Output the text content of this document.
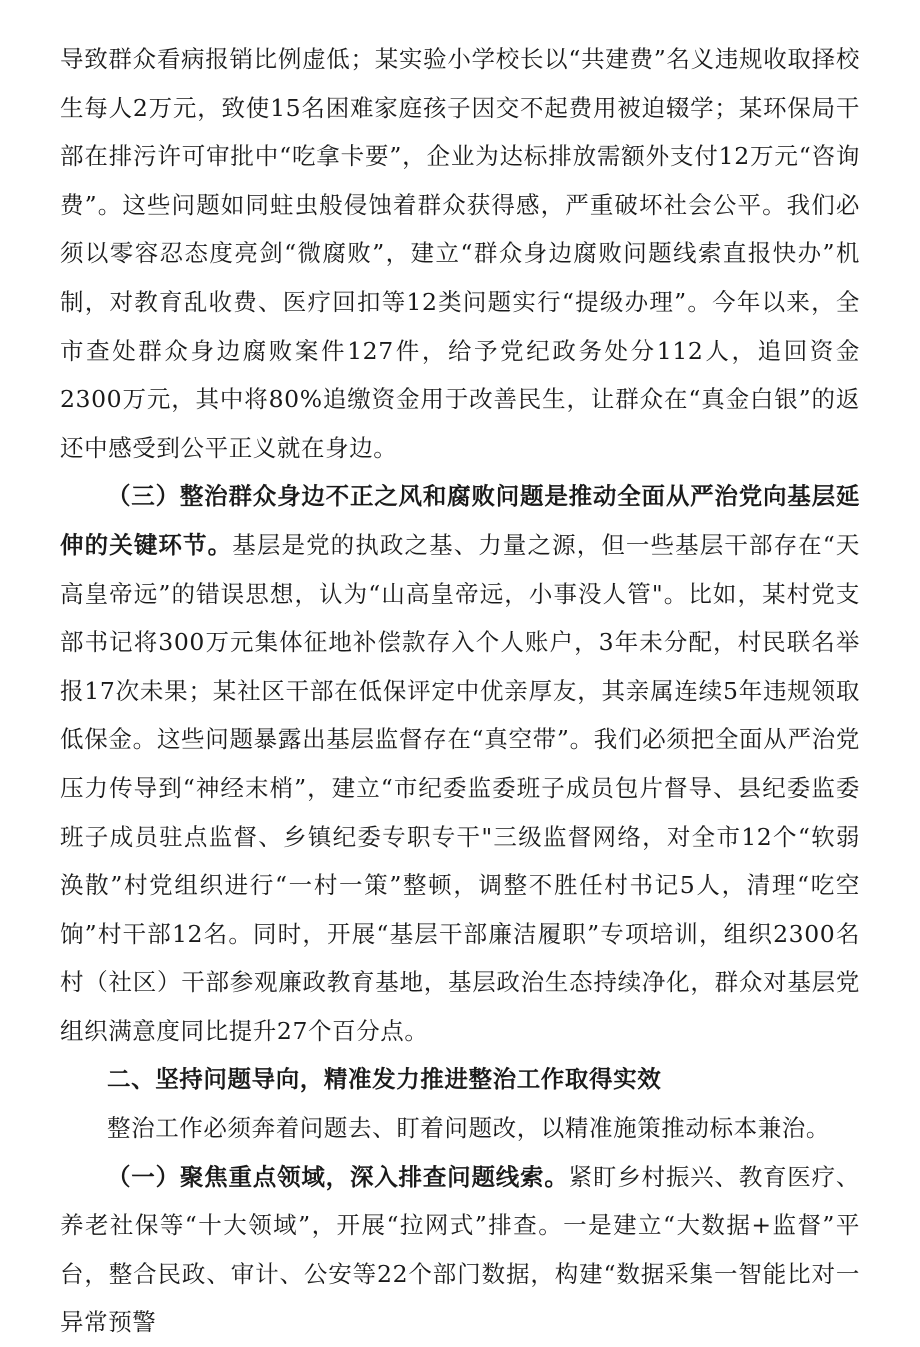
导致群众看病报销比例虚低；某实验小学校长以“共建费”名义违规收取择校生每人2万元，致使15名困难家庭孩子因交不起费用被迫辍学；某环保局干部在排污许可审批中“吃拿卡要”，企业为达标排放需额外支付12万元“咨询费”。这些问题如同蛀虫般侵蚀着群众获得感，严重破坏社会公平。我们必须以零容忍态度亮剑“微腐败”，建立“群众身边腐败问题线索直报快办”机制，对教育乱收费、医疗回扣等12类问题实行“提级办理”。今年以来，全市查处群众身边腐败案件127件，给予党纪政务处分112人，追回资金2300万元，其中将80%追缴资金用于改善民生，让群众在“真金白银”的返还中感受到公平正义就在身边。

（三）整治群众身边不正之风和腐败问题是推动全面从严治党向基层延伸的关键环节。基层是党的执政之基、力量之源，但一些基层干部存在“天高皇帝远”的错误思想，认为“山高皇帝远，小事没人管"。比如，某村党支部书记将300万元集体征地补偿款存入个人账户，3年未分配，村民联名举报17次未果；某社区干部在低保评定中优亲厚友，其亲属连续5年违规领取低保金。这些问题暴露出基层监督存在“真空带”。我们必须把全面从严治党压力传导到“神经末梢”，建立“市纪委监委班子成员包片督导、县纪委监委班子成员驻点监督、乡镇纪委专职专干"三级监督网络，对全市12个“软弱涣散”村党组织进行“一村一策”整顿，调整不胜任村书记5人，清理“吃空饷”村干部12名。同时，开展“基层干部廉洁履职”专项培训，组织2300名村（社区）干部参观廉政教育基地，基层政治生态持续净化，群众对基层党组织满意度同比提升27个百分点。

二、坚持问题导向，精准发力推进整治工作取得实效

整治工作必须奔着问题去、盯着问题改，以精准施策推动标本兼治。

（一）聚焦重点领域，深入排查问题线索。紧盯乡村振兴、教育医疗、养老社保等“十大领域”，开展“拉网式”排查。一是建立“大数据+监督”平台，整合民政、审计、公安等22个部门数据，构建“数据采集一智能比对一异常预警
